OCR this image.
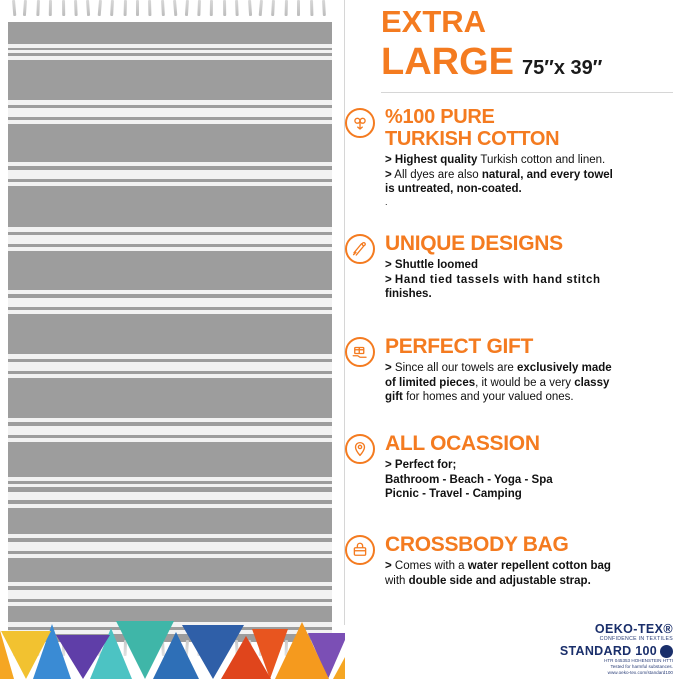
EXTRA
LARGE 75″x 39″
%100 PURE
TURKISH COTTON

> Highest quality Turkish cotton and linen.

> All dyes are also natural, and every towel

is untreated, non-coated.

.

UNIQUE DESIGNS

> Shuttle loomed

> Hand tied tassels with hand stitch

finishes.

PERFECT GIFT

> Since all our towels are exclusively made

of limited pieces, it would be a very classy

gift for homes and your valued ones.

ALL OCASSION

> Perfect for;

Bathroom - Beach - Yoga - Spa

Picnic - Travel - Camping

CROSSBODY BAG

> Comes with a water repellent cotton bag

with double side and adjustable strap.

OEKO-TEX®
CONFIDENCE IN TEXTILES
STANDARD 100
HTR 045353 HOHENSTEIN HTTI
Tested for harmful substances.
www.oeko-tex.com/standard100
